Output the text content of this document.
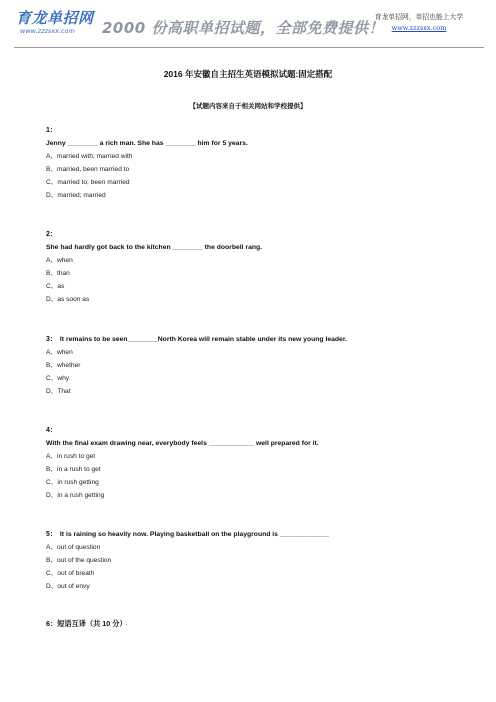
育龙单招网
www.zzzsxx.com	2000 份高职单招试题，全部免费提供！
育龙单招网，单招也能上大学
www.zzzsxx.com
2016 年安徽自主招生英语模拟试题:固定搭配
【试题内容来自于相关网站和学校提供】
1：
Jenny ________ a rich man. She has ________ him for 5 years.
A、married with; married with
B、married, been married to
C、married to; been married
D、married; married
2：
She had hardly got back to the kitchen ________ the doorbell rang.
A、when
B、than
C、as
D、as soon as
3： It remains to be seen________North Korea will remain stable under its new young leader.
A、when
B、whether
C、why
D、That
4：
With the final exam drawing near, everybody feels ____________ well prepared for it.
A、in rush to get
B、in a rush to get
C、in rush getting
D、in a rush getting
5： It is raining so heavily now. Playing basketball on the playground is _____________
A、out of question
B、out of the question
C、out of breath
D、out of envy
6：短语互译（共 10 分） ·
